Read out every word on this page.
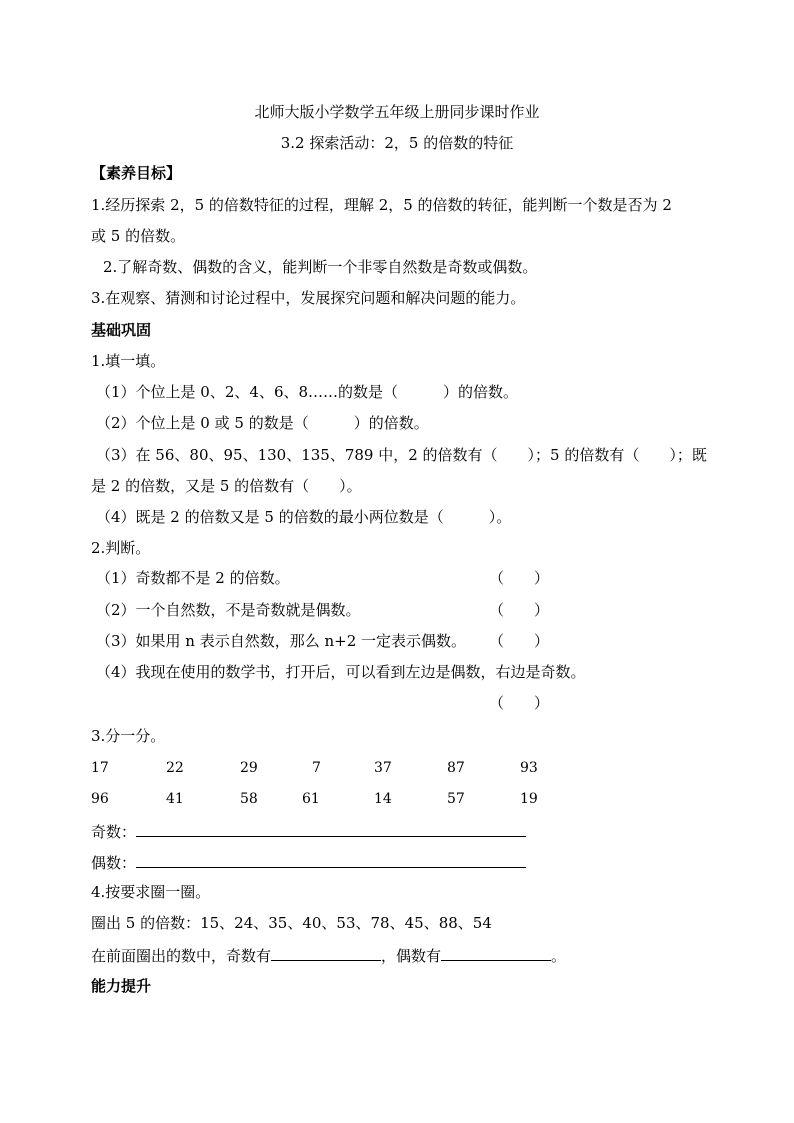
北师大版小学数学五年级上册同步课时作业
3.2 探索活动：2，5 的倍数的特征
【素养目标】
1.经历探索 2，5 的倍数特征的过程，理解 2，5 的倍数的转征，能判断一个数是否为 2
或 5 的倍数。
2.了解奇数、偶数的含义，能判断一个非零自然数是奇数或偶数。
3.在观察、猜测和讨论过程中，发展探究问题和解决问题的能力。
基础巩固
1.填一填。
（1）个位上是 0、2、4、6、8……的数是（　　　）的倍数。
（2）个位上是 0 或 5 的数是（　　　）的倍数。
（3）在 56、80、95、130、135、789 中，2 的倍数有（　　）；5 的倍数有（　　）；既
是 2 的倍数，又是 5 的倍数有（　　）。
（4）既是 2 的倍数又是 5 的倍数的最小两位数是（　　　）。
2.判断。
（1）奇数都不是 2 的倍数。	（　　）
（2）一个自然数，不是奇数就是偶数。	（　　）
（3）如果用 n 表示自然数，那么 n+2 一定表示偶数。 （　　）
（4）我现在使用的数学书，打开后，可以看到左边是偶数，右边是奇数。
（　　）
3.分一分。
17	22	29	7	37	87	93
96	41	58	61	14	57	19
奇数：
偶数：
4.按要求圈一圈。
圈出 5 的倍数：15、24、35、40、53、78、45、88、54
在前面圈出的数中，奇数有	，偶数有	。
能力提升
